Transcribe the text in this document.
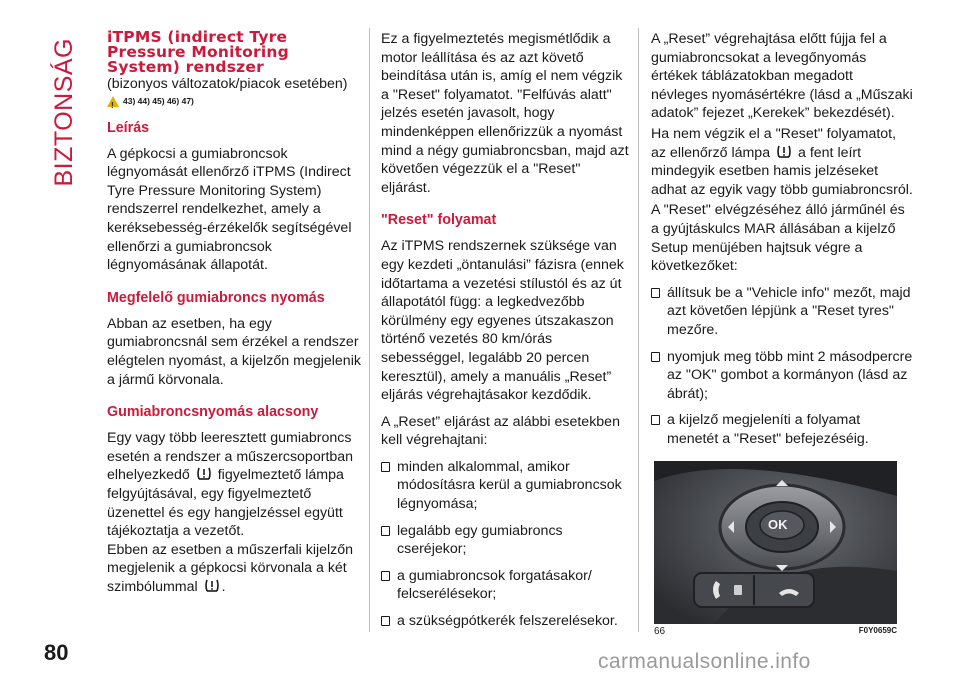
BIZTONSÁG
80
iTPMS (indirect Tyre
Pressure Monitoring
System) rendszer

(bizonyos változatok/piacok esetében)

!
43) 44) 45) 46) 47)
Leírás

A gépkocsi a gumiabroncsok légnyomását ellenőrző iTPMS (Indirect Tyre Pressure Monitoring System) rendszerrel rendelkezhet, amely a keréksebesség-érzékelők segítségével ellenőrzi a gumiabroncsok légnyomásának állapotát.

Megfelelő gumiabroncs nyomás

Abban az esetben, ha egy gumiabroncsnál sem érzékel a rendszer elégtelen nyomást, a kijelzőn megjelenik a jármű körvonala.

Gumiabroncsnyomás alacsony

Egy vagy több leeresztett gumiabroncs esetén a rendszer a műszercsoportban elhelyezkedő figyelmeztető lámpa felgyújtásával, egy figyelmeztető üzenettel és egy hangjelzéssel együtt tájékoztatja a vezetőt.
Ebben az esetben a műszerfali kijelzőn megjelenik a gépkocsi körvonala a két szimbólummal .

Ez a figyelmeztetés megismétlődik a motor leállítása és az azt követő beindítása után is, amíg el nem végzik a "Reset" folyamatot. "Felfúvás alatt" jelzés esetén javasolt, hogy mindenképpen ellenőrizzük a nyomást mind a négy gumiabroncsban, majd azt követően végezzük el a "Reset" eljárást.

"Reset" folyamat

Az iTPMS rendszernek szüksége van egy kezdeti „öntanulási” fázisra (ennek időtartama a vezetési stílustól és az út állapotától függ: a legkedvezőbb körülmény egy egyenes útszakaszon történő vezetés 80 km/órás sebességgel, legalább 20 percen keresztül), amely a manuális „Reset” eljárás végrehajtásakor kezdődik.

A „Reset” eljárást az alábbi esetekben kell végrehajtani:

minden alkalommal, amikor módosításra kerül a gumiabroncsok légnyomása;
legalább egy gumiabroncs cseréjekor;
a gumiabroncsok forgatásakor/ felcserélésekor;
a szükségpótkerék felszerelésekor.

A „Reset” végrehajtása előtt fújja fel a gumiabroncsokat a levegőnyomás értékek táblázatokban megadott névleges nyomásértékre (lásd a „Műszaki adatok” fejezet „Kerekek” bekezdését).

Ha nem végzik el a "Reset" folyamatot, az ellenőrző lámpa a fent leírt mindegyik esetben hamis jelzéseket adhat az egyik vagy több gumiabroncsról.

A "Reset" elvégzéséhez álló járműnél és a gyújtáskulcs MAR állásában a kijelző Setup menüjében hajtsuk végre a következőket:

állítsuk be a "Vehicle info" mezőt, majd azt követően lépjünk a "Reset tyres" mezőre.
nyomjuk meg több mint 2 másodpercre az "OK" gombot a kormányon (lásd az ábrát);
a kijelző megjeleníti a folyamat menetét a "Reset" befejezéséig.
OK
66	F0Y0659C
carmanualsonline.info
